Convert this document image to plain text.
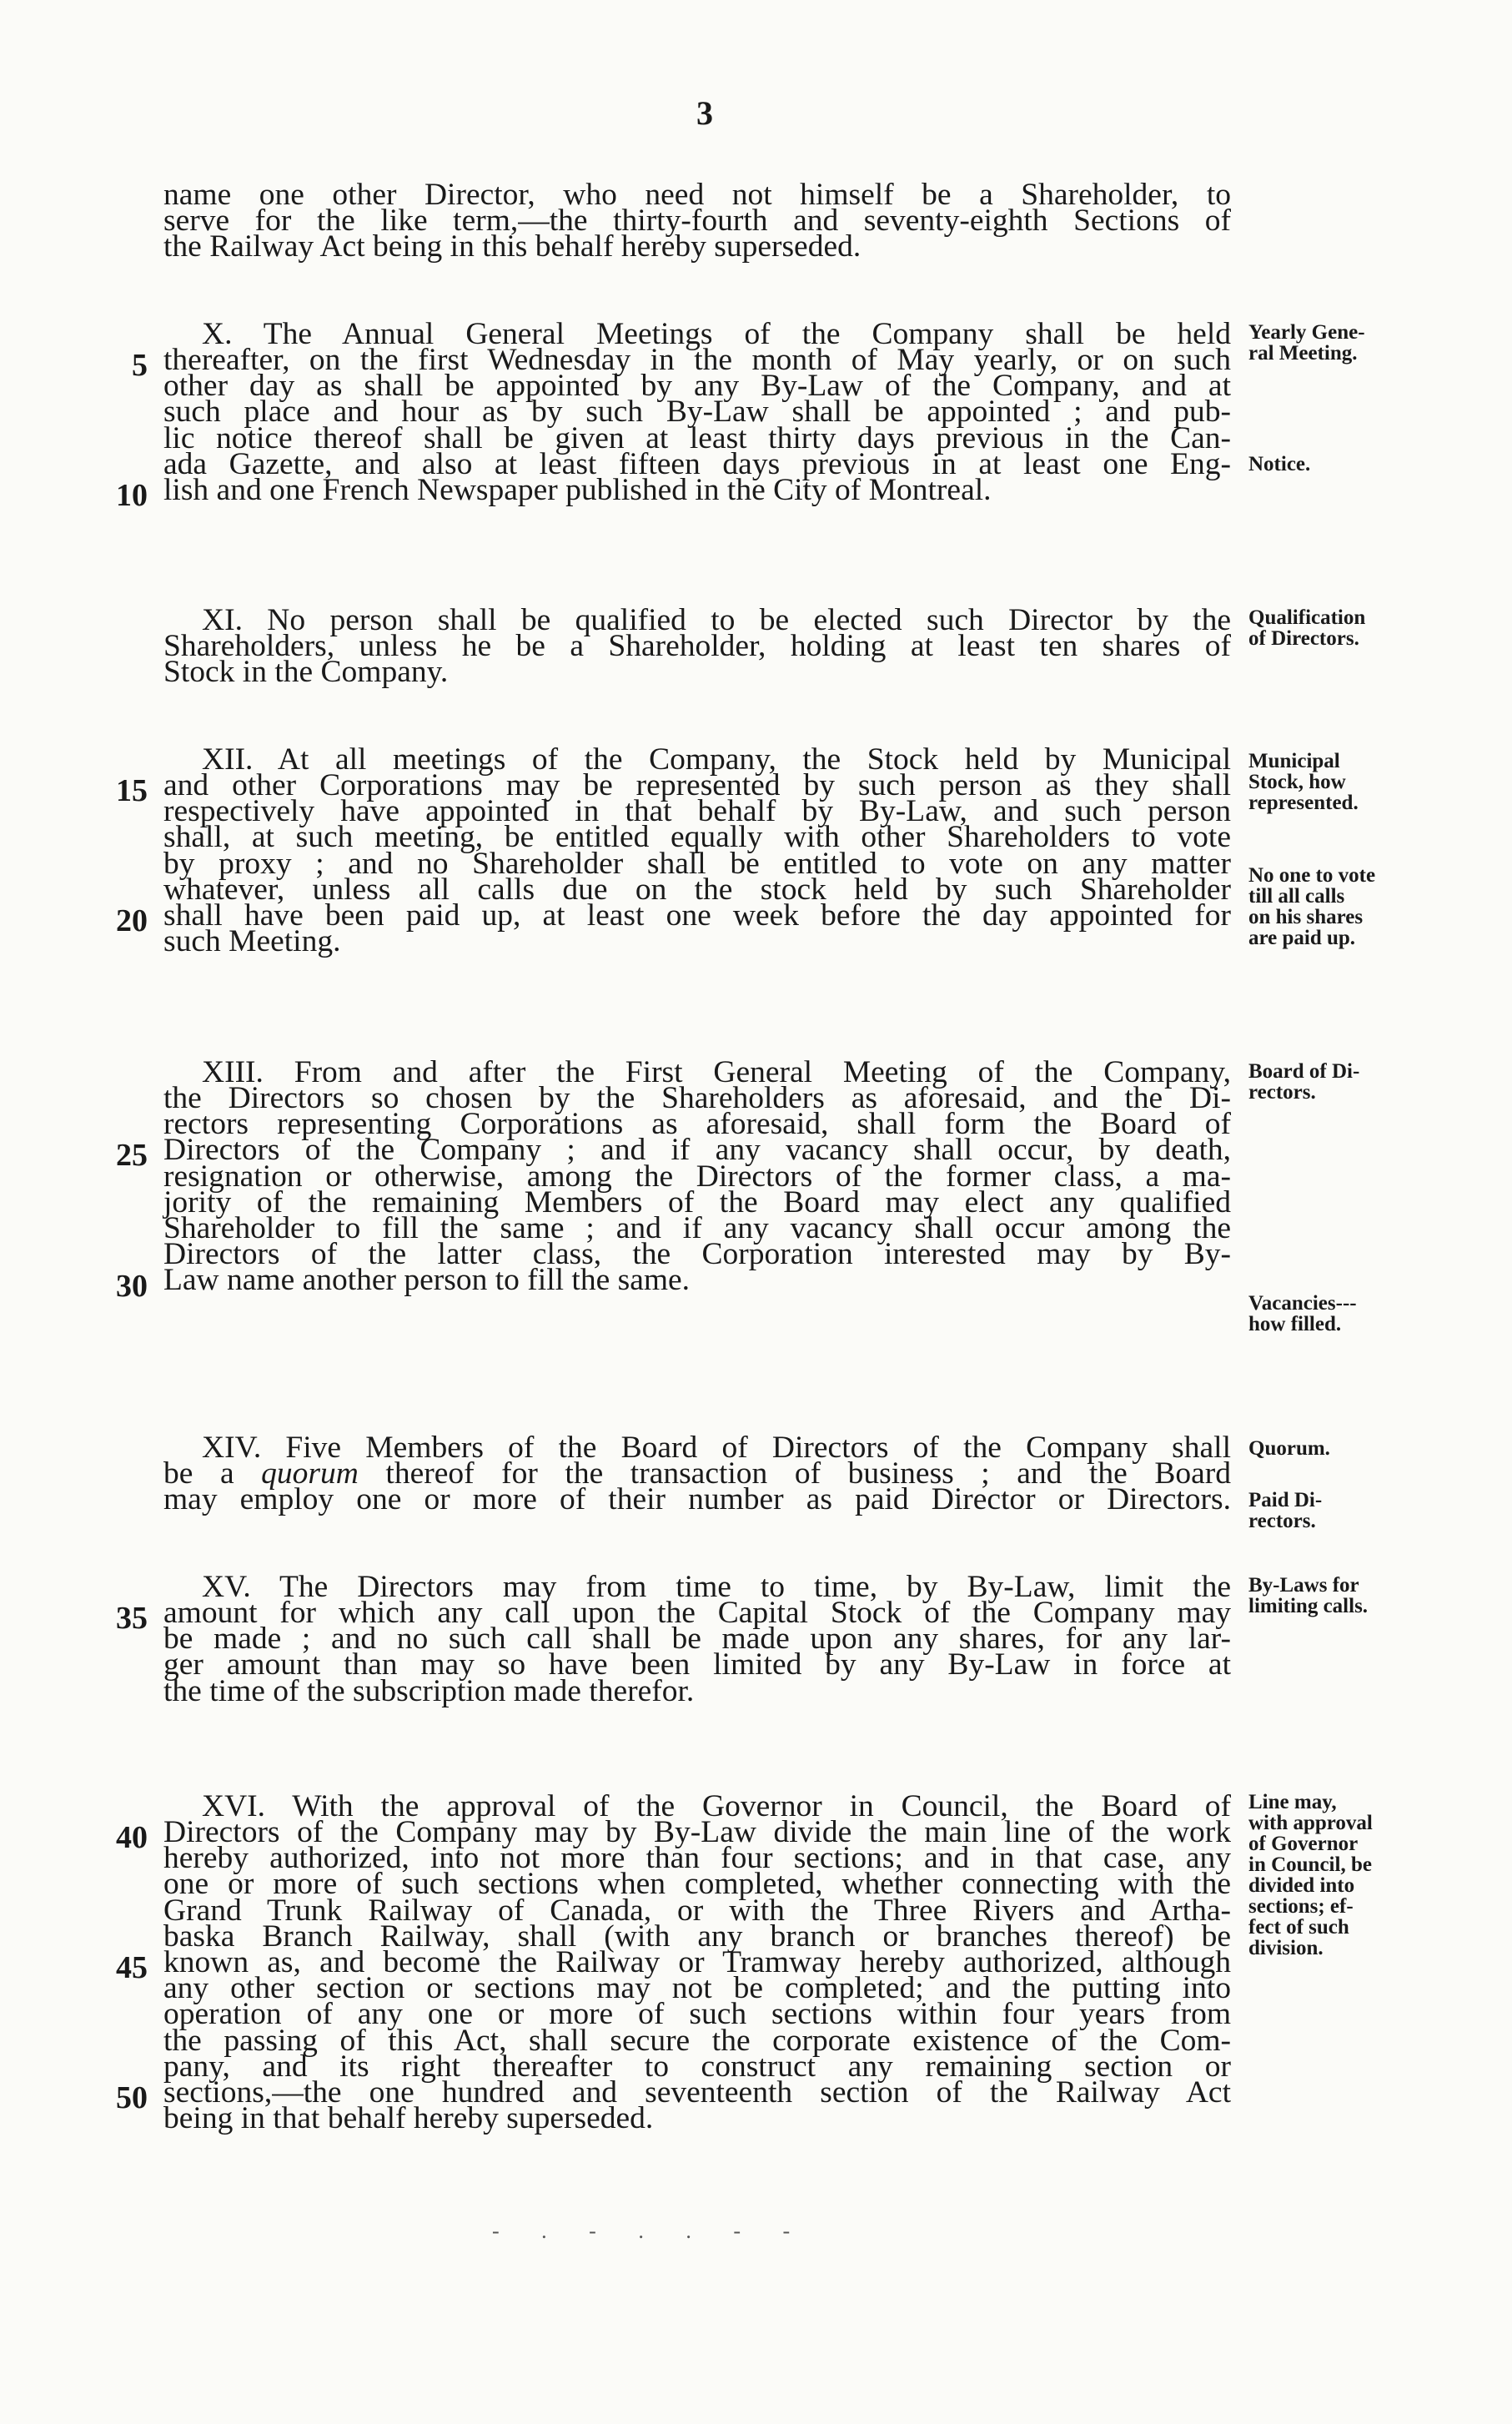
3
name one other Director, who need not himself be a Shareholder, to
serve for the like term,—the thirty-fourth and seventy-eighth Sections of
the Railway Act being in this behalf hereby superseded.
X. The Annual General Meetings of the Company shall be held
thereafter, on the first Wednesday in the month of May yearly, or on such
other day as shall be appointed by any By-Law of the Company, and at
such place and hour as by such By-Law shall be appointed ; and pub-
lic notice thereof shall be given at least thirty days previous in the Can-
ada Gazette, and also at least fifteen days previous in at least one Eng-
lish and one French Newspaper published in the City of Montreal.
XI. No person shall be qualified to be elected such Director by the
Shareholders, unless he be a Shareholder, holding at least ten shares of
Stock in the Company.
XII. At all meetings of the Company, the Stock held by Municipal
and other Corporations may be represented by such person as they shall
respectively have appointed in that behalf by By-Law, and such person
shall, at such meeting, be entitled equally with other Shareholders to vote
by proxy ; and no Shareholder shall be entitled to vote on any matter
whatever, unless all calls due on the stock held by such Shareholder
shall have been paid up, at least one week before the day appointed for
such Meeting.
XIII. From and after the First General Meeting of the Company,
the Directors so chosen by the Shareholders as aforesaid, and the Di-
rectors representing Corporations as aforesaid, shall form the Board of
Directors of the Company ; and if any vacancy shall occur, by death,
resignation or otherwise, among the Directors of the former class, a ma-
jority of the remaining Members of the Board may elect any qualified
Shareholder to fill the same ; and if any vacancy shall occur among the
Directors of the latter class, the Corporation interested may by By-
Law name another person to fill the same.
XIV. Five Members of the Board of Directors of the Company shall
be a quorum thereof for the transaction of business ; and the Board
may employ one or more of their number as paid Director or Directors.
XV. The Directors may from time to time, by By-Law, limit the
amount for which any call upon the Capital Stock of the Company may
be made ; and no such call shall be made upon any shares, for any lar-
ger amount than may so have been limited by any By-Law in force at
the time of the subscription made therefor.
XVI. With the approval of the Governor in Council, the Board of
Directors of the Company may by By-Law divide the main line of the work
hereby authorized, into not more than four sections; and in that case, any
one or more of such sections when completed, whether connecting with the
Grand Trunk Railway of Canada, or with the Three Rivers and Artha-
baska Branch Railway, shall (with any branch or branches thereof) be
known as, and become the Railway or Tramway hereby authorized, although
any other section or sections may not be completed; and the putting into
operation of any one or more of such sections within four years from
the passing of this Act, shall secure the corporate existence of the Com-
pany, and its right thereafter to construct any remaining section or
sections,—the one hundred and seventeenth section of the Railway Act
being in that behalf hereby superseded.
5
10
15
20
25
30
35
40
45
50
Yearly Gene-
ral Meeting.
Notice.
Qualification
of Directors.
Municipal
Stock, how
represented.
No one to vote
till all calls
on his shares
are paid up.
Board of Di-
rectors.
Vacancies---
how filled.
Quorum.
Paid Di-
rectors.
By-Laws for
limiting calls.
Line may,
with approval
of Governor
in Council, be
divided into
sections; ef-
fect of such
division.
- . - . . - -
